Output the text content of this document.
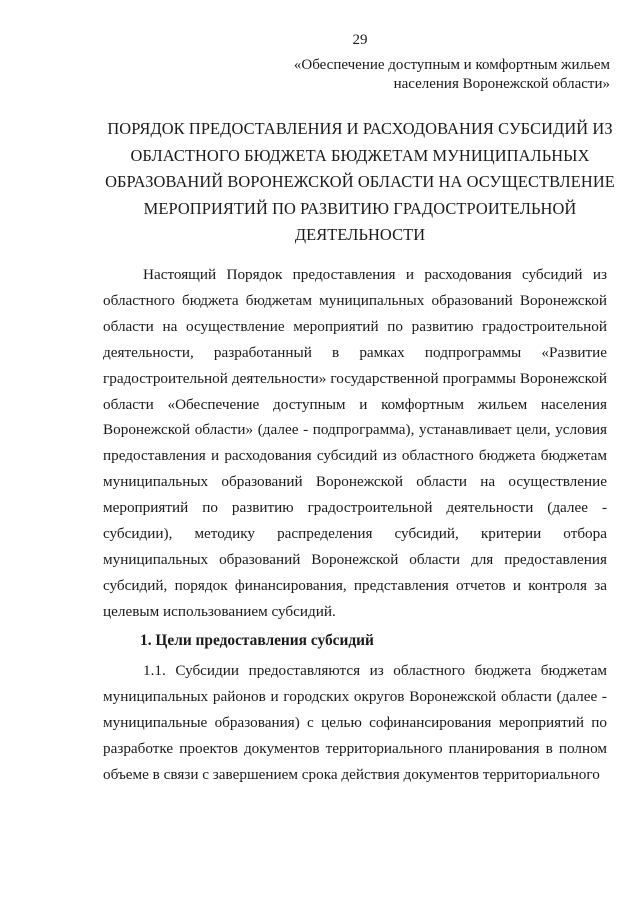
29
«Обеспечение доступным и комфортным жильем населения Воронежской области»
ПОРЯДОК ПРЕДОСТАВЛЕНИЯ И РАСХОДОВАНИЯ СУБСИДИЙ ИЗ ОБЛАСТНОГО БЮДЖЕТА БЮДЖЕТАМ МУНИЦИПАЛЬНЫХ ОБРАЗОВАНИЙ ВОРОНЕЖСКОЙ ОБЛАСТИ НА ОСУЩЕСТВЛЕНИЕ МЕРОПРИЯТИЙ ПО РАЗВИТИЮ ГРАДОСТРОИТЕЛЬНОЙ ДЕЯТЕЛЬНОСТИ

Настоящий Порядок предоставления и расходования субсидий из областного бюджета бюджетам муниципальных образований Воронежской области на осуществление мероприятий по развитию градостроительной деятельности, разработанный в рамках подпрограммы «Развитие градостроительной деятельности» государственной программы Воронежской области «Обеспечение доступным и комфортным жильем населения Воронежской области» (далее - подпрограмма), устанавливает цели, условия предоставления и расходования субсидий из областного бюджета бюджетам муниципальных образований Воронежской области на осуществление мероприятий по развитию градостроительной деятельности (далее - субсидии), методику распределения субсидий, критерии отбора муниципальных образований Воронежской области для предоставления субсидий, порядок финансирования, представления отчетов и контроля за целевым использованием субсидий.

1. Цели предоставления субсидий

1.1. Субсидии предоставляются из областного бюджета бюджетам муниципальных районов и городских округов Воронежской области (далее - муниципальные образования) с целью софинансирования мероприятий по разработке проектов документов территориального планирования в полном объеме в связи с завершением срока действия документов территориального
